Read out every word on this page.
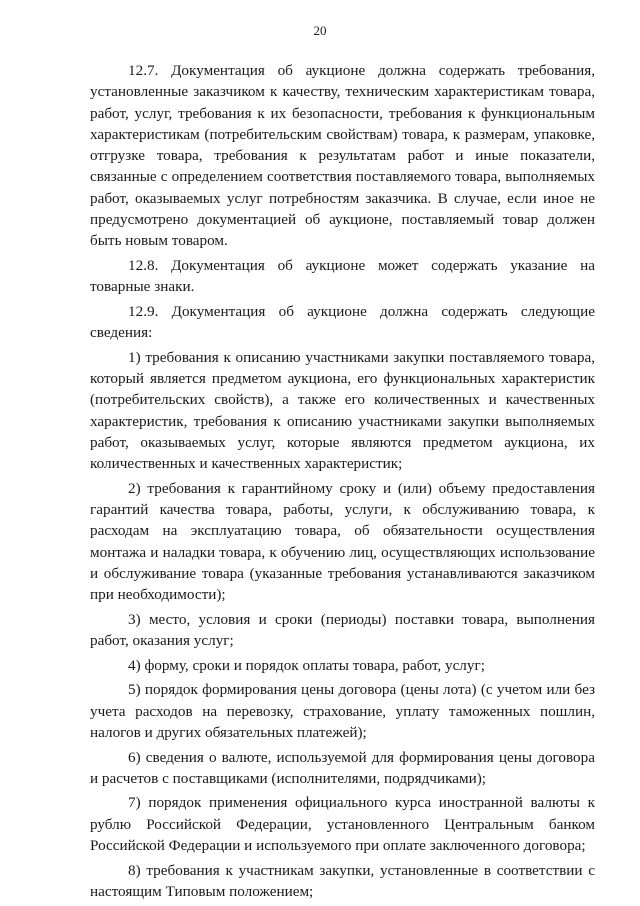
20

12.7. Документация об аукционе должна содержать требования, установленные заказчиком к качеству, техническим характеристикам товара, работ, услуг, требования к их безопасности, требования к функциональным характеристикам (потребительским свойствам) товара, к размерам, упаковке, отгрузке товара, требования к результатам работ и иные показатели, связанные с определением соответствия поставляемого товара, выполняемых работ, оказываемых услуг потребностям заказчика. В случае, если иное не предусмотрено документацией об аукционе, поставляемый товар должен быть новым товаром.

12.8. Документация об аукционе может содержать указание на товарные знаки.

12.9. Документация об аукционе должна содержать следующие сведения:

1) требования к описанию участниками закупки поставляемого товара, который является предметом аукциона, его функциональных характеристик (потребительских свойств), а также его количественных и качественных характеристик, требования к описанию участниками закупки выполняемых работ, оказываемых услуг, которые являются предметом аукциона, их количественных и качественных характеристик;

2) требования к гарантийному сроку и (или) объему предоставления гарантий качества товара, работы, услуги, к обслуживанию товара, к расходам на эксплуатацию товара, об обязательности осуществления монтажа и наладки товара, к обучению лиц, осуществляющих использование и обслуживание товара (указанные требования устанавливаются заказчиком при необходимости);

3) место, условия и сроки (периоды) поставки товара, выполнения работ, оказания услуг;

4) форму, сроки и порядок оплаты товара, работ, услуг;

5) порядок формирования цены договора (цены лота) (с учетом или без учета расходов на перевозку, страхование, уплату таможенных пошлин, налогов и других обязательных платежей);

6) сведения о валюте, используемой для формирования цены договора и расчетов с поставщиками (исполнителями, подрядчиками);

7) порядок применения официального курса иностранной валюты к рублю Российской Федерации, установленного Центральным банком Российской Федерации и используемого при оплате заключенного договора;

8) требования к участникам закупки, установленные в соответствии с настоящим Типовым положением;
